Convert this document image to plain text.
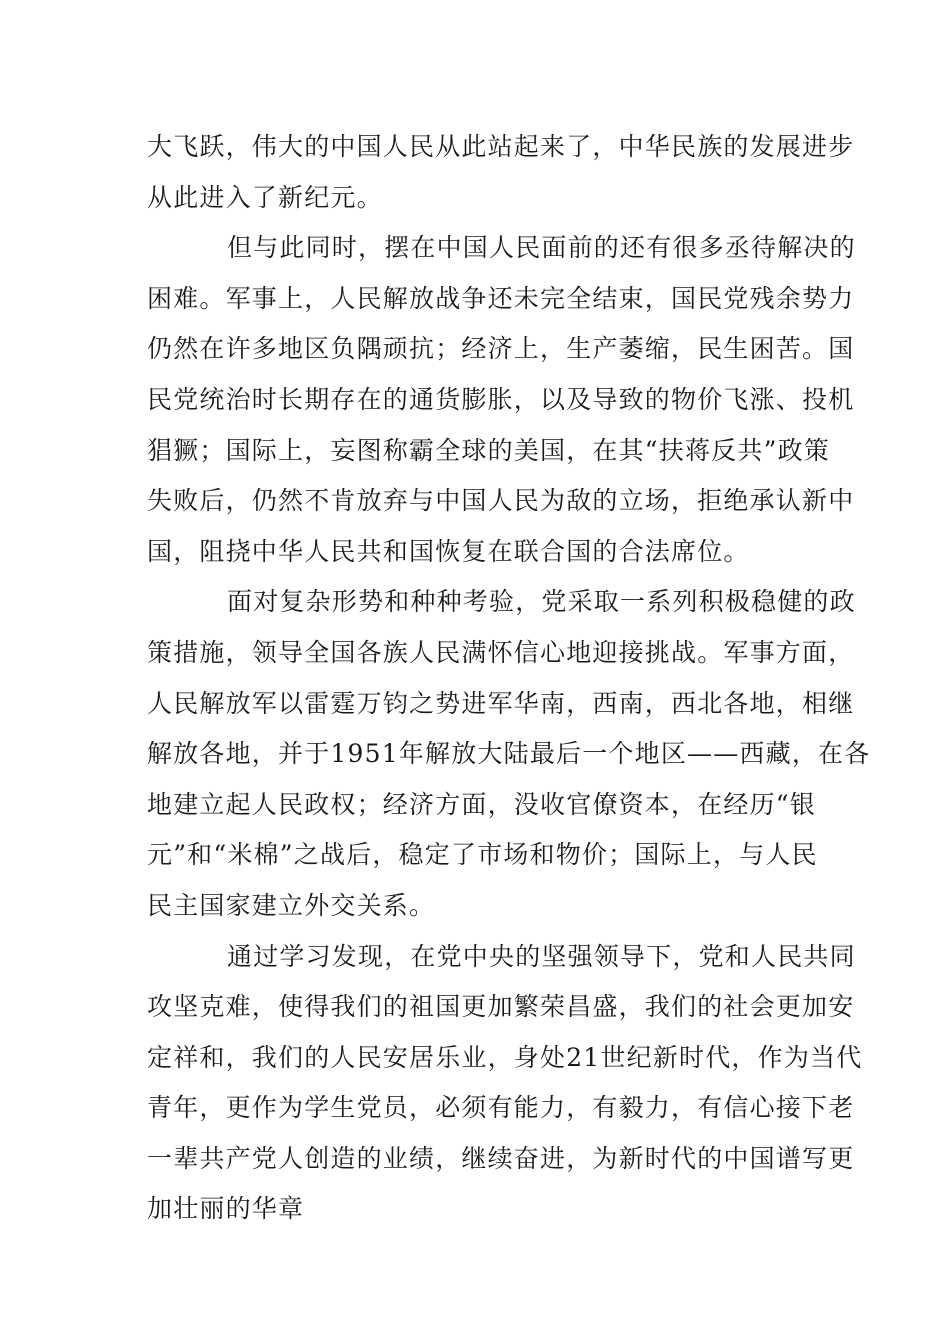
大飞跃，伟大的中国人民从此站起来了，中华民族的发展进步
从此进入了新纪元。
但与此同时，摆在中国人民面前的还有很多丞待解决的
困难。军事上，人民解放战争还未完全结束，国民党残余势力
仍然在许多地区负隅顽抗；经济上，生产萎缩，民生困苦。国
民党统治时长期存在的通货膨胀，以及导致的物价飞涨、投机
猖獗；国际上，妄图称霸全球的美国，在其“扶蒋反共”政策
失败后，仍然不肯放弃与中国人民为敌的立场，拒绝承认新中
国，阻挠中华人民共和国恢复在联合国的合法席位。
面对复杂形势和种种考验，党采取一系列积极稳健的政
策措施，领导全国各族人民满怀信心地迎接挑战。军事方面，
人民解放军以雷霆万钧之势进军华南，西南，西北各地，相继
解放各地，并于1951年解放大陆最后一个地区——西藏，在各
地建立起人民政权；经济方面，没收官僚资本，在经历“银
元”和“米棉”之战后，稳定了市场和物价；国际上，与人民
民主国家建立外交关系。
通过学习发现，在党中央的坚强领导下，党和人民共同
攻坚克难，使得我们的祖国更加繁荣昌盛，我们的社会更加安
定祥和，我们的人民安居乐业，身处21世纪新时代，作为当代
青年，更作为学生党员，必须有能力，有毅力，有信心接下老
一辈共产党人创造的业绩，继续奋进，为新时代的中国谱写更
加壮丽的华章
